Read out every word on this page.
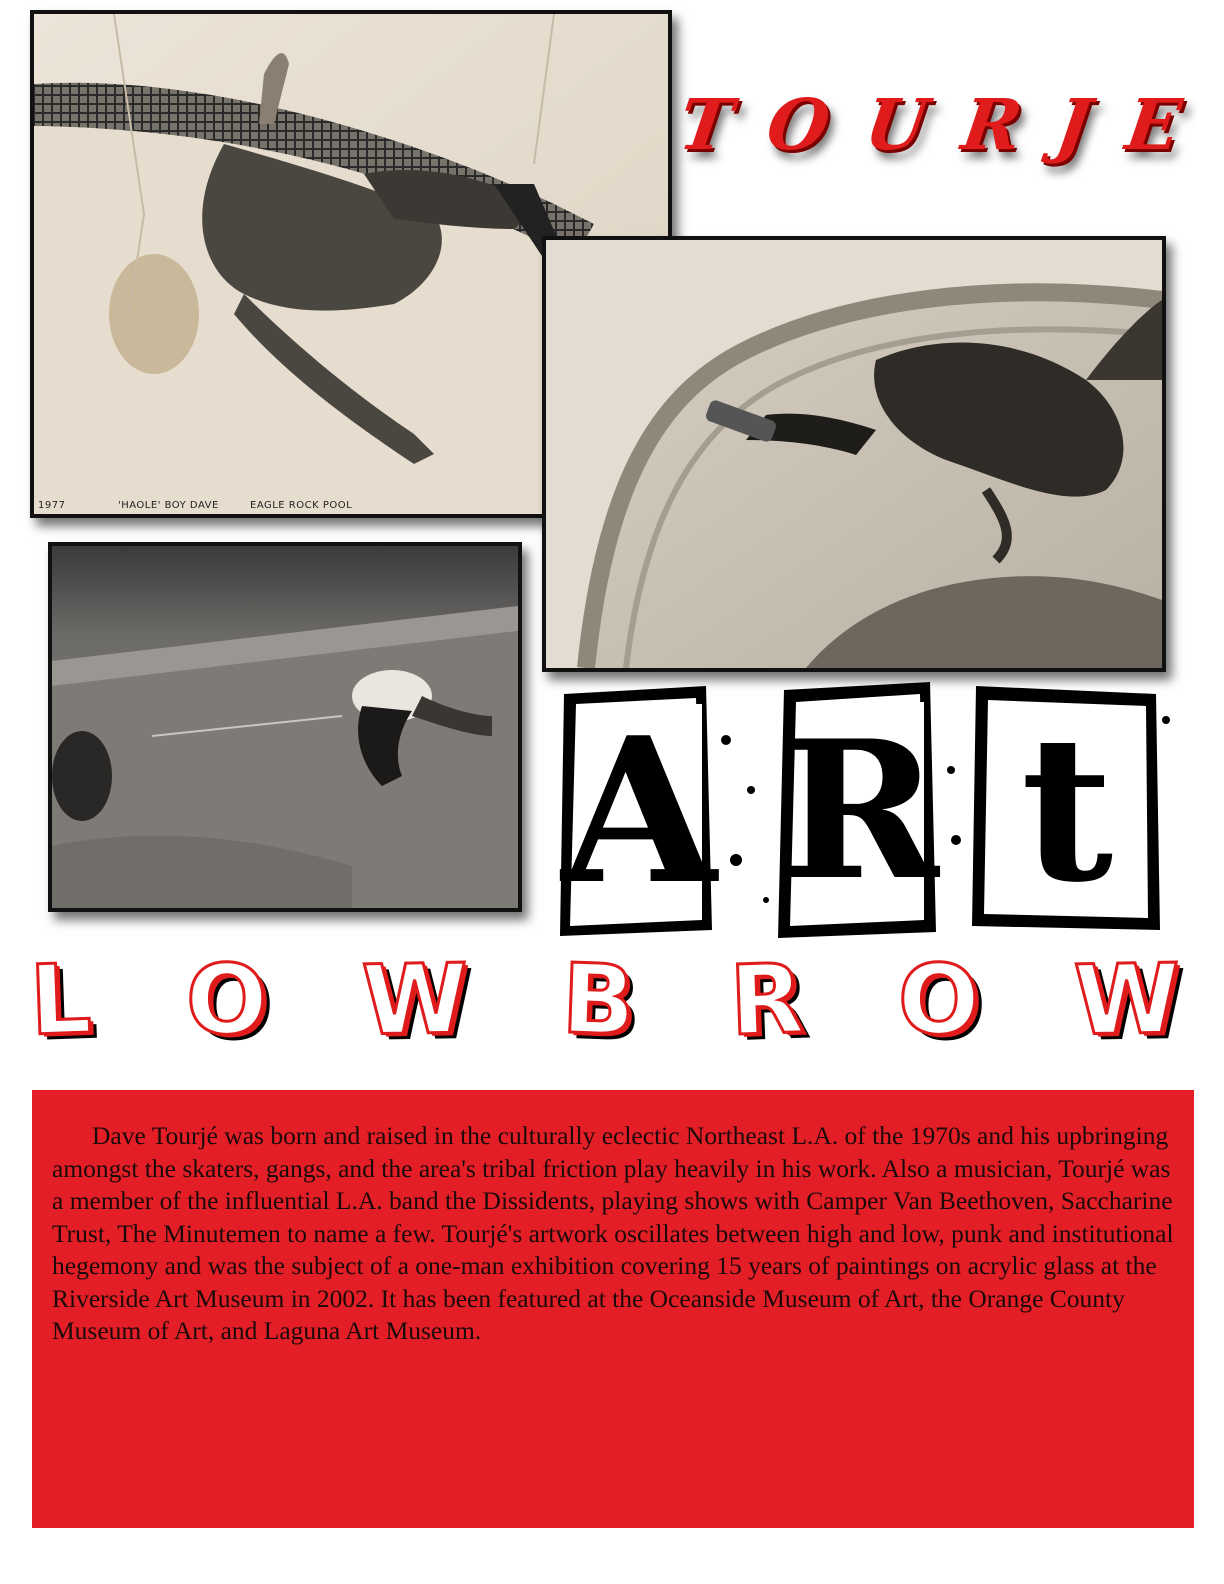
1977	'HAOLE' BOY DAVE	EAGLE ROCK POOL
T O U R J E
A R t
L O W B R O W

Dave Tourjé was born and raised in the culturally eclectic Northeast L.A. of the 1970s and his upbringing amongst the skaters, gangs, and the area's tribal friction play heavily in his work. Also a musician, Tourjé was a member of the influential L.A. band the Dissidents, playing shows with Camper Van Beethoven, Saccharine Trust, The Minutemen to name a few. Tourjé's artwork oscillates between high and low, punk and institutional hegemony and was the subject of a one-man exhibition covering 15 years of paintings on acrylic glass at the Riverside Art Museum in 2002. It has been featured at the Oceanside Museum of Art, the Orange County Museum of Art, and Laguna Art Museum.
